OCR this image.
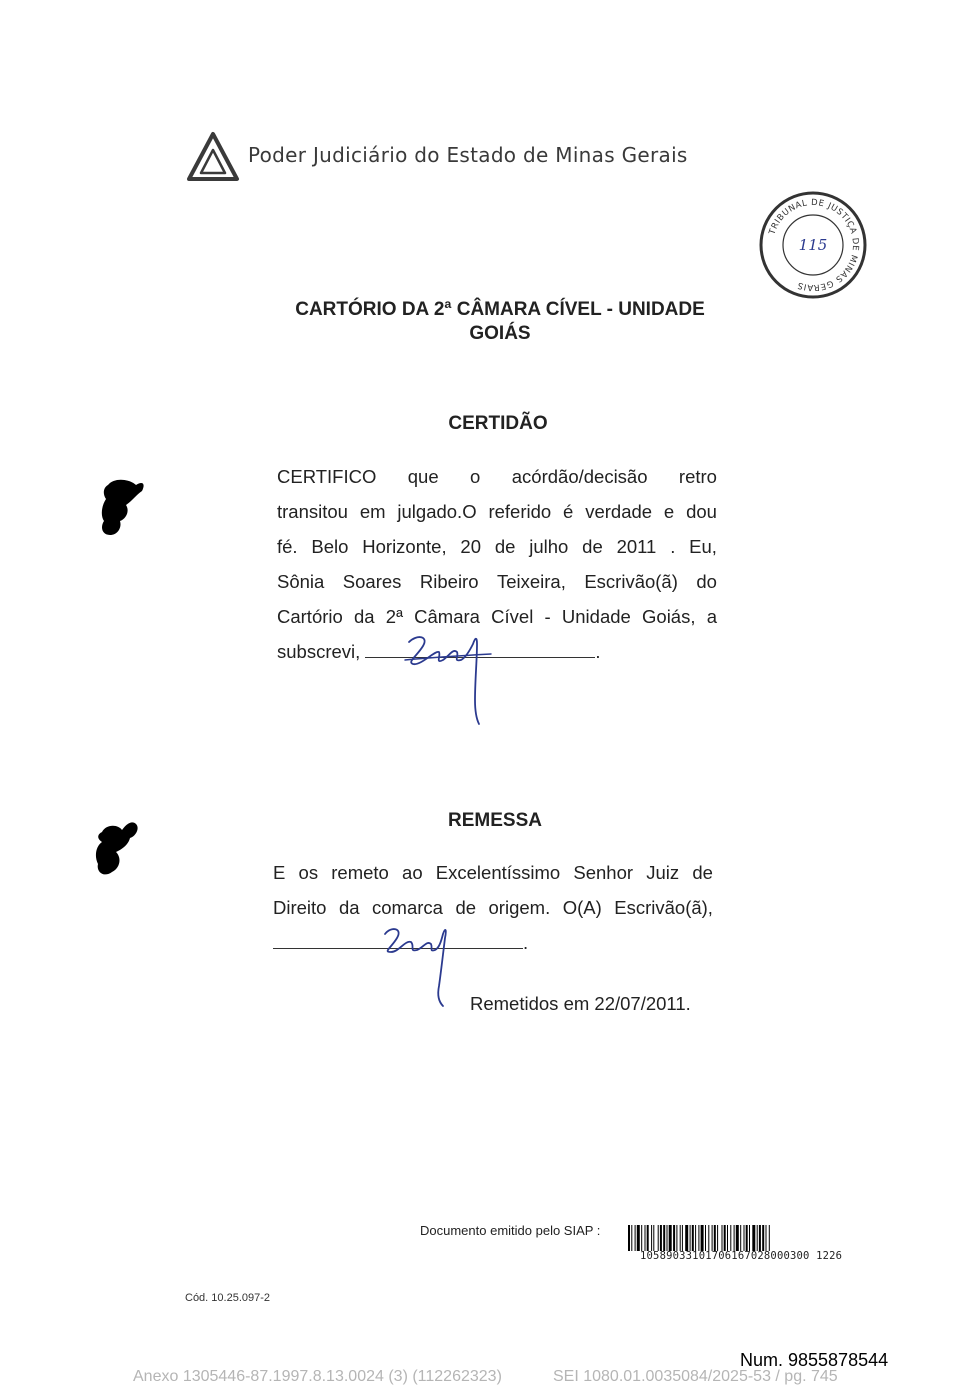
Poder Judiciário do Estado de Minas Gerais
TRIBUNAL DE JUSTIÇA DE MINAS GERAIS
115
CARTÓRIO DA 2ª CÂMARA CÍVEL - UNIDADE
GOIÁS
CERTIDÃO
CERTIFICO que o acórdão/decisão retro
transitou em julgado.O referido é verdade e dou
fé. Belo Horizonte, 20 de julho de 2011 . Eu,
Sônia Soares Ribeiro Teixeira, Escrivão(ã) do
Cartório da 2ª Câmara Cível - Unidade Goiás, a
subscrevi,	.
REMESSA
E os remeto ao Excelentíssimo Senhor Juiz de
Direito da comarca de origem. O(A) Escrivão(ã),
.
Remetidos em 22/07/2011.
Documento emitido pelo SIAP :
10589033101706167028000300 1226
Cód. 10.25.097-2
Num. 9855878544
Anexo 1305446-87.1997.8.13.0024 (3) (112262323)	SEI 1080.01.0035084/2025-53 / pg. 745
